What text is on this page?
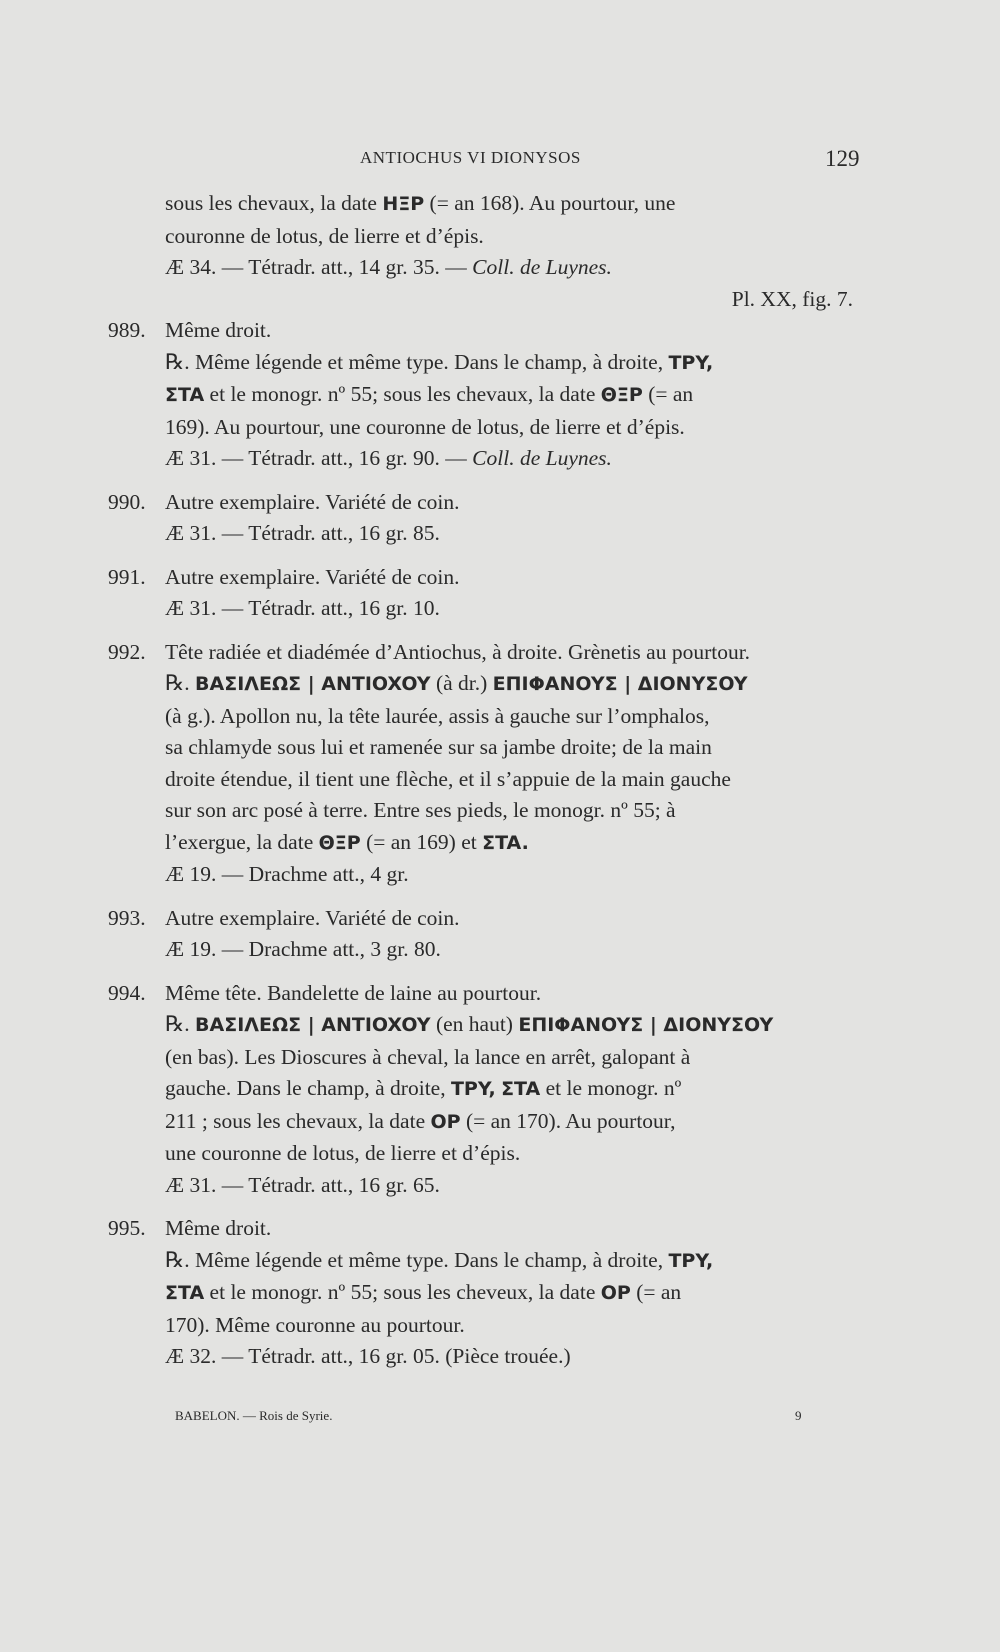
ANTIOCHUS VI DIONYSOS	129

sous les chevaux, la date HΞP (= an 168). Au pourtour, une

couronne de lotus, de lierre et d’épis.

Æ 34. — Tétradr. att., 14 gr. 35. — Coll. de Luynes.

Pl. XX, fig. 7.

989. Même droit.

℞. Même légende et même type. Dans le champ, à droite, TPY,

ΣTA et le monogr. nº 55; sous les chevaux, la date ΘΞP (= an

169). Au pourtour, une couronne de lotus, de lierre et d’épis.

Æ 31. — Tétradr. att., 16 gr. 90. — Coll. de Luynes.

990. Autre exemplaire. Variété de coin.

Æ 31. — Tétradr. att., 16 gr. 85.

991. Autre exemplaire. Variété de coin.

Æ 31. — Tétradr. att., 16 gr. 10.

992. Tête radiée et diadémée d’Antiochus, à droite. Grènetis au pourtour.

℞. BAΣIΛEΩΣ | ANTIOXOY (à dr.) EΠIΦANOYΣ | ΔIONYΣOY

(à g.). Apollon nu, la tête laurée, assis à gauche sur l’omphalos,

sa chlamyde sous lui et ramenée sur sa jambe droite; de la main

droite étendue, il tient une flèche, et il s’appuie de la main gauche

sur son arc posé à terre. Entre ses pieds, le monogr. nº 55; à

l’exergue, la date ΘΞP (= an 169) et ΣTA.

Æ 19. — Drachme att., 4 gr.

993. Autre exemplaire. Variété de coin.

Æ 19. — Drachme att., 3 gr. 80.

994. Même tête. Bandelette de laine au pourtour.

℞. BAΣIΛEΩΣ | ANTIOXOY (en haut) EΠIΦANOYΣ | ΔIONYΣOY

(en bas). Les Dioscures à cheval, la lance en arrêt, galopant à

gauche. Dans le champ, à droite, TPY, ΣTA et le monogr. nº

211 ; sous les chevaux, la date OP (= an 170). Au pourtour,

une couronne de lotus, de lierre et d’épis.

Æ 31. — Tétradr. att., 16 gr. 65.

995. Même droit.

℞. Même légende et même type. Dans le champ, à droite, TPY,

ΣTA et le monogr. nº 55; sous les cheveux, la date OP (= an

170). Même couronne au pourtour.

Æ 32. — Tétradr. att., 16 gr. 05. (Pièce trouée.)

BABELON. — Rois de Syrie.	9
